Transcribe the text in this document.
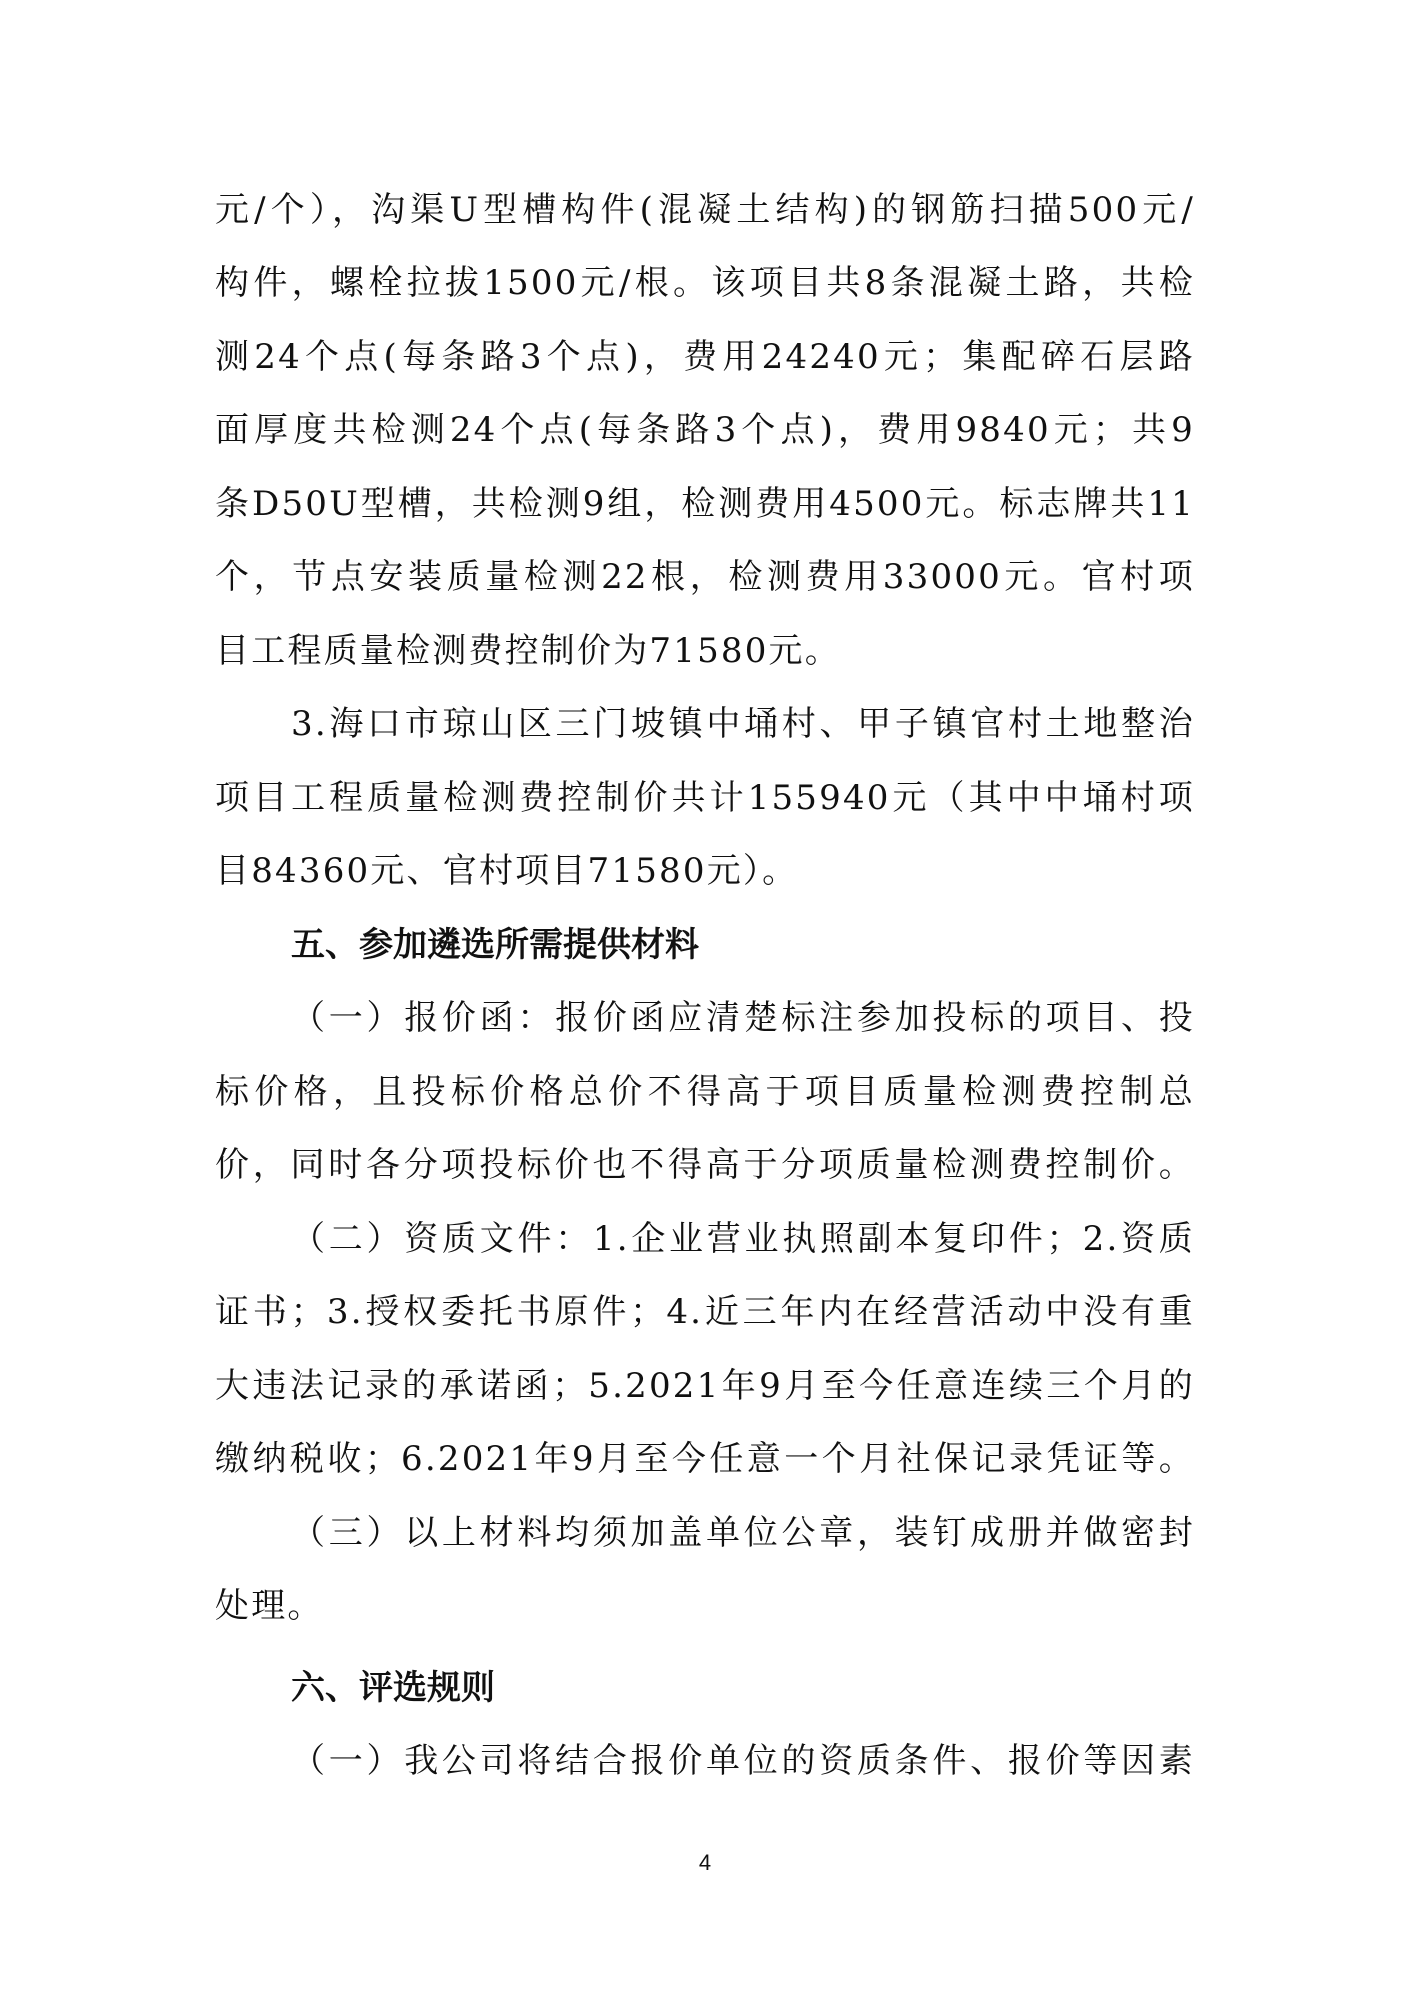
元/个），沟渠U型槽构件(混凝土结构)的钢筋扫描500元/
构件，螺栓拉拔1500元/根。该项目共8条混凝土路，共检
测24个点(每条路3个点)，费用24240元；集配碎石层路
面厚度共检测24个点(每条路3个点)，费用9840元；共9
条D50U型槽，共检测9组，检测费用4500元。标志牌共11
个，节点安装质量检测22根，检测费用33000元。官村项
目工程质量检测费控制价为71580元。
3.海口市琼山区三门坡镇中埇村、甲子镇官村土地整治
项目工程质量检测费控制价共计155940元（其中中埇村项
目84360元、官村项目71580元）。
五、参加遴选所需提供材料
（一）报价函：报价函应清楚标注参加投标的项目、投
标价格，且投标价格总价不得高于项目质量检测费控制总
价，同时各分项投标价也不得高于分项质量检测费控制价。
（二）资质文件：1.企业营业执照副本复印件；2.资质
证书；3.授权委托书原件；4.近三年内在经营活动中没有重
大违法记录的承诺函；5.2021年9月至今任意连续三个月的
缴纳税收；6.2021年9月至今任意一个月社保记录凭证等。
（三）以上材料均须加盖单位公章，装钉成册并做密封
处理。
六、评选规则
（一）我公司将结合报价单位的资质条件、报价等因素
4
